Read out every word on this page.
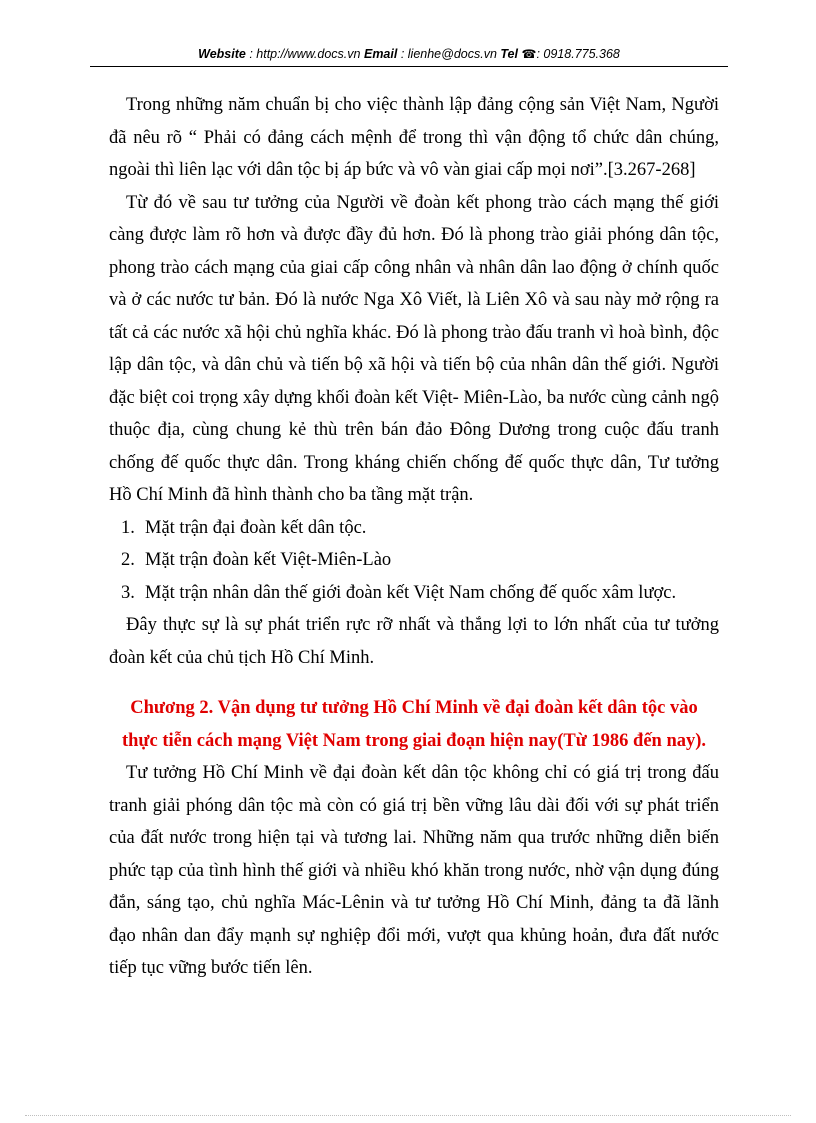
Website : http://www.docs.vn Email : lienhe@docs.vn Tel ☎: 0918.775.368

Trong những năm chuẩn bị cho việc thành lập đảng cộng sản Việt Nam, Người đã nêu rõ “ Phải có đảng cách mệnh để trong thì vận động tổ chức dân chúng, ngoài thì liên lạc với dân tộc bị áp bức và vô vàn giai cấp mọi nơi”.[3.267-268]

Từ đó về sau tư tưởng của Người về đoàn kết phong trào cách mạng thế giới càng được làm rõ hơn và được đầy đủ hơn. Đó là phong trào giải phóng dân tộc, phong trào cách mạng của giai cấp công nhân và nhân dân lao động ở chính quốc và ở các nước tư bản. Đó là nước Nga Xô Viết, là Liên Xô và sau này mở rộng ra tất cả các nước xã hội chủ nghĩa khác. Đó là phong trào đấu tranh vì hoà bình, độc lập dân tộc, và dân chủ và tiến bộ xã hội và tiến bộ của nhân dân thế giới. Người đặc biệt coi trọng xây dựng khối đoàn kết Việt- Miên-Lào, ba nước cùng cảnh ngộ thuộc địa, cùng chung kẻ thù trên bán đảo Đông Dương trong cuộc đấu tranh chống đế quốc thực dân. Trong kháng chiến chống đế quốc thực dân, Tư tưởng Hồ Chí Minh đã hình thành cho ba tầng mặt trận.

1. Mặt trận đại đoàn kết dân tộc.
2. Mặt trận đoàn kết Việt-Miên-Lào
3. Mặt trận nhân dân thế giới đoàn kết Việt Nam chống đế quốc xâm lược.

Đây thực sự là sự phát triển rực rỡ nhất và thắng lợi to lớn nhất của tư tưởng đoàn kết của chủ tịch Hồ Chí Minh.

Chương 2. Vận dụng tư tưởng Hồ Chí Minh về đại đoàn kết dân tộc vào
thực tiễn cách mạng Việt Nam trong giai đoạn hiện nay(Từ 1986 đến nay).

Tư tưởng Hồ Chí Minh về đại đoàn kết dân tộc không chỉ có giá trị trong đấu tranh giải phóng dân tộc mà còn có giá trị bền vững lâu dài đối với sự phát triển của đất nước trong hiện tại và tương lai. Những năm qua trước những diễn biến phức tạp của tình hình thế giới và nhiều khó khăn trong nước, nhờ vận dụng đúng đắn, sáng tạo, chủ nghĩa Mác-Lênin và tư tưởng Hồ Chí Minh, đảng ta đã lãnh đạo nhân dan đẩy mạnh sự nghiệp đổi mới, vượt qua khủng hoản, đưa đất nước tiếp tục vững bước tiến lên.
